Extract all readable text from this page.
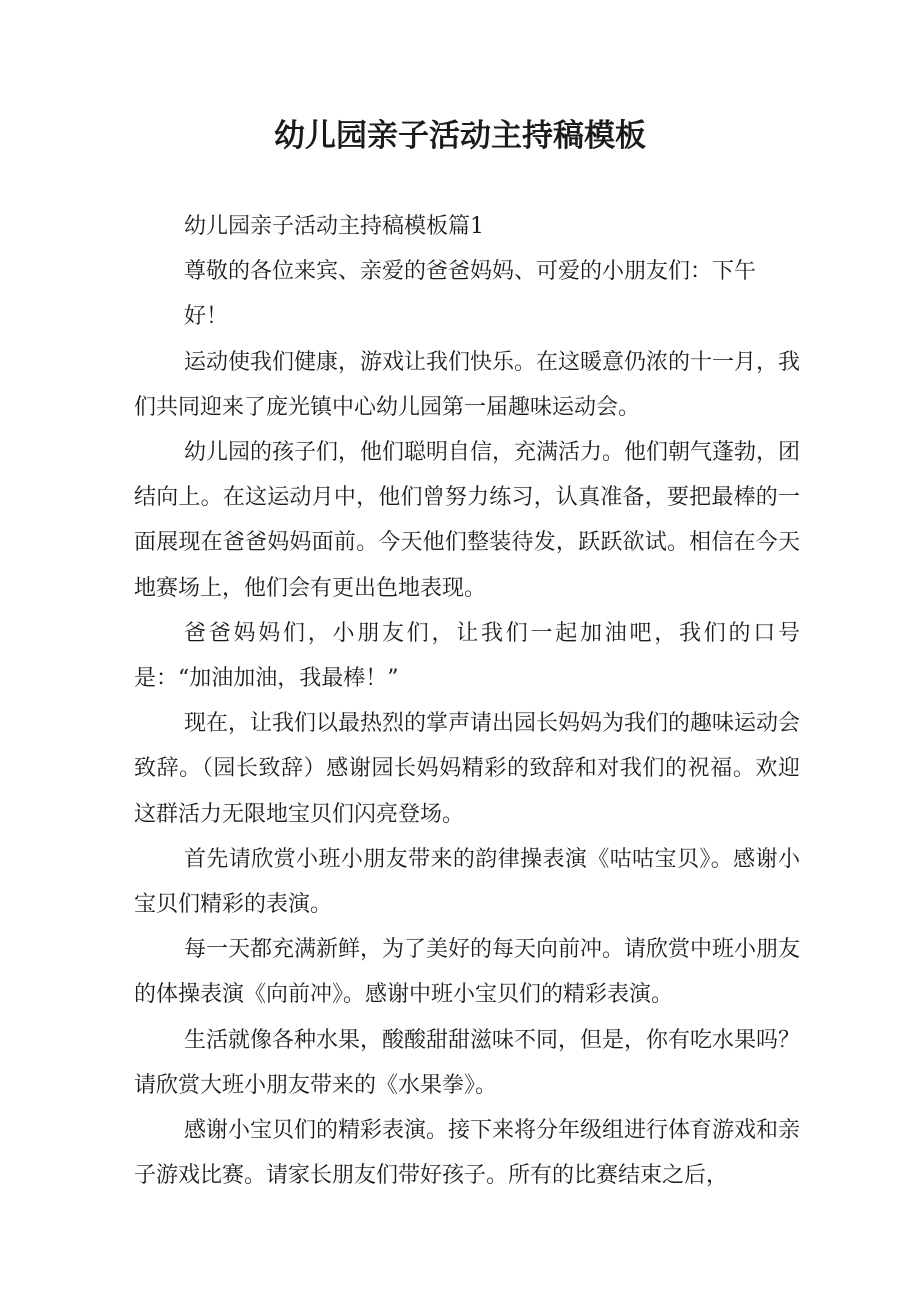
幼儿园亲子活动主持稿模板

幼儿园亲子活动主持稿模板篇1

尊敬的各位来宾、亲爱的爸爸妈妈、可爱的小朋友们：下午

好！

运动使我们健康，游戏让我们快乐。在这暖意仍浓的十一月，我们共同迎来了庞光镇中心幼儿园第一届趣味运动会。

幼儿园的孩子们，他们聪明自信，充满活力。他们朝气蓬勃，团结向上。在这运动月中，他们曾努力练习，认真准备，要把最棒的一面展现在爸爸妈妈面前。今天他们整装待发，跃跃欲试。相信在今天地赛场上，他们会有更出色地表现。

爸爸妈妈们，小朋友们，让我们一起加油吧，我们的口号是：“加油加油，我最棒！”

现在，让我们以最热烈的掌声请出园长妈妈为我们的趣味运动会致辞。（园长致辞）感谢园长妈妈精彩的致辞和对我们的祝福。欢迎这群活力无限地宝贝们闪亮登场。

首先请欣赏小班小朋友带来的韵律操表演《咕咕宝贝》。感谢小宝贝们精彩的表演。

每一天都充满新鲜，为了美好的每天向前冲。请欣赏中班小朋友的体操表演《向前冲》。感谢中班小宝贝们的精彩表演。

生活就像各种水果，酸酸甜甜滋味不同，但是，你有吃水果吗？请欣赏大班小朋友带来的《水果拳》。

感谢小宝贝们的精彩表演。接下来将分年级组进行体育游戏和亲子游戏比赛。请家长朋友们带好孩子。所有的比赛结束之后，
